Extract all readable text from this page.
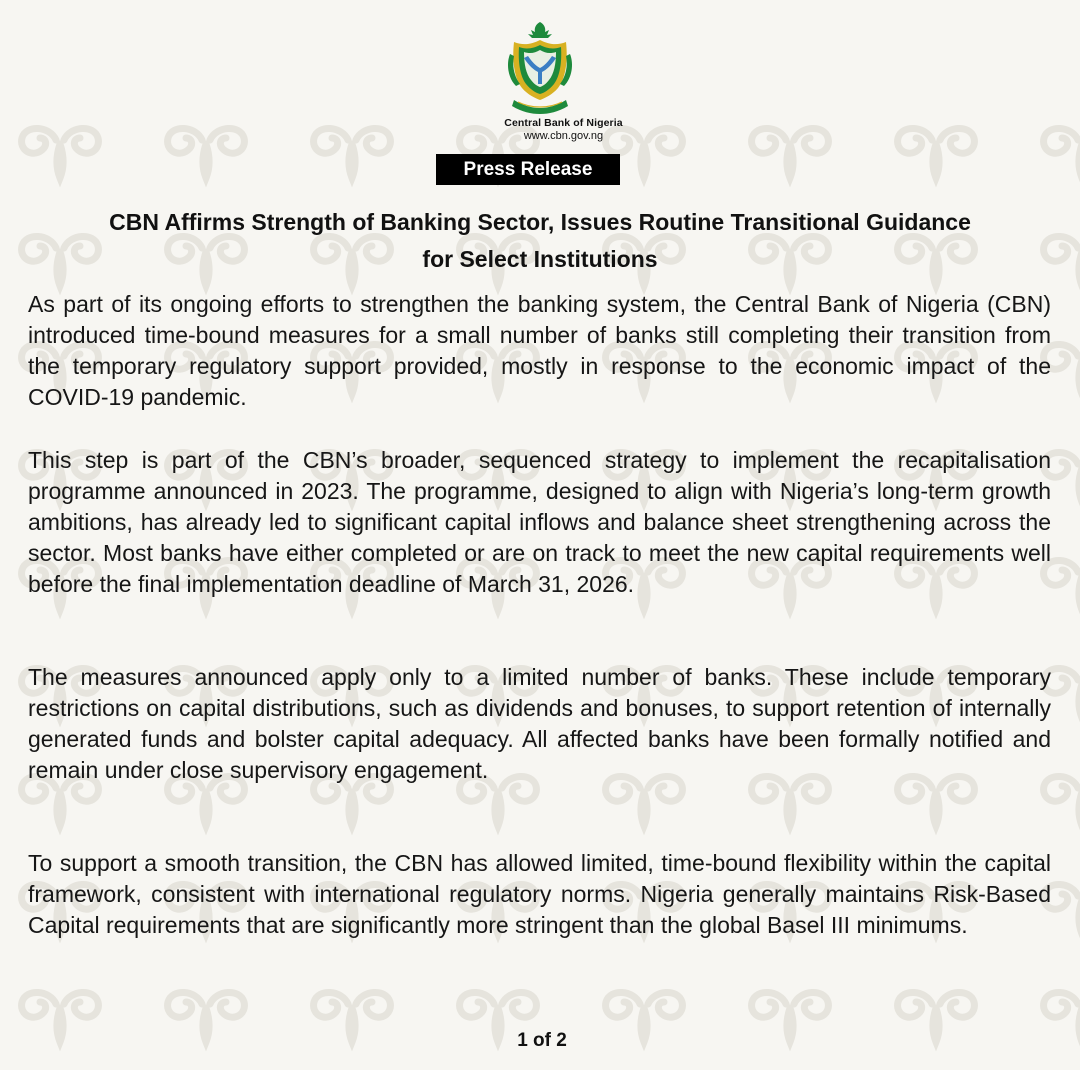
Central Bank of Nigeria
www.cbn.gov.ng
Press Release
CBN Affirms Strength of Banking Sector, Issues Routine Transitional Guidance
for Select Institutions

As part of its ongoing efforts to strengthen the banking system, the Central Bank of Nigeria (CBN) introduced time-bound measures for a small number of banks still completing their transition from the temporary regulatory support provided, mostly in response to the economic impact of the COVID-19 pandemic.

This step is part of the CBN’s broader, sequenced strategy to implement the recapitalisation programme announced in 2023. The programme, designed to align with Nigeria’s long-term growth ambitions, has already led to significant capital inflows and balance sheet strengthening across the sector. Most banks have either completed or are on track to meet the new capital requirements well before the final implementation deadline of March 31, 2026.

The measures announced apply only to a limited number of banks. These include temporary restrictions on capital distributions, such as dividends and bonuses, to support retention of internally generated funds and bolster capital adequacy. All affected banks have been formally notified and remain under close supervisory engagement.

To support a smooth transition, the CBN has allowed limited, time-bound flexibility within the capital framework, consistent with international regulatory norms. Nigeria generally maintains Risk-Based Capital requirements that are significantly more stringent than the global Basel III minimums.

1 of 2
